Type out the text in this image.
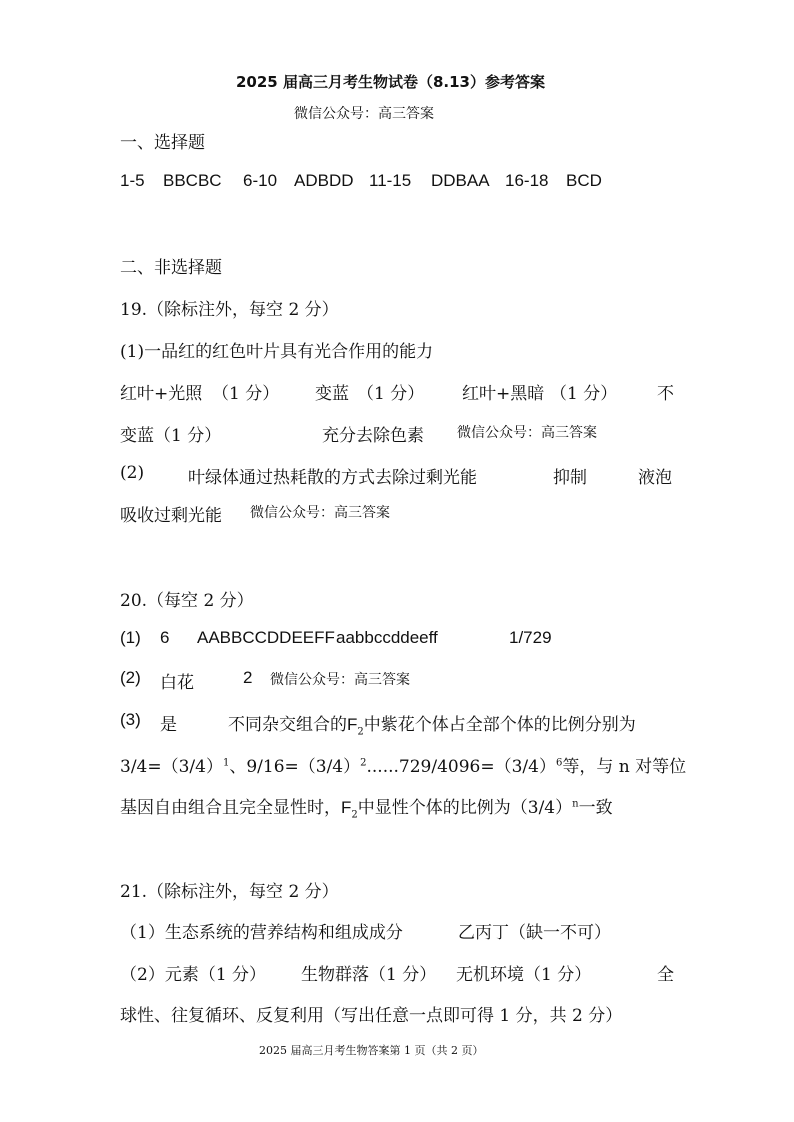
2025 届高三月考生物试卷（8.13）参考答案
微信公众号：高三答案
一、选择题
1-5 BBCBC 6-10 ADBDD 11-15 DDBAA 16-18 BCD
二、非选择题
19.（除标注外，每空 2 分）
(1)一品红的红色叶片具有光合作用的能力
红叶+光照 （1 分） 变蓝 （1 分） 红叶+黑暗 （1 分） 不
变蓝（1 分）	充分去除色素 微信公众号：高三答案
(2)	叶绿体通过热耗散的方式去除过剩光能	抑制	液泡
吸收过剩光能 微信公众号：高三答案
20.（每空 2 分）
(1) 6 AABBCCDDEEFF aabbccddeeff	1/729
(2) 白花	2 微信公众号：高三答案
(3) 是	不同杂交组合的$F_2$中紫花个体占全部个体的比例分别为
$3/4=(3/4)^1$、$9/16=(3/4)^2......729/4096=(3/4)^6$等，与 n 对等位
基因自由组合且完全显性时，$F_2$中显性个体的比例为$(3/4)^n$一致
21.（除标注外，每空 2 分）
（1）生态系统的营养结构和组成成分	乙丙丁（缺一不可）
（2）元素（1 分） 生物群落（1 分） 无机环境（1 分）	全
球性、往复循环、反复利用（写出任意一点即可得 1 分，共 2 分）
2025 届高三月考生物答案第 1 页（共 2 页）
